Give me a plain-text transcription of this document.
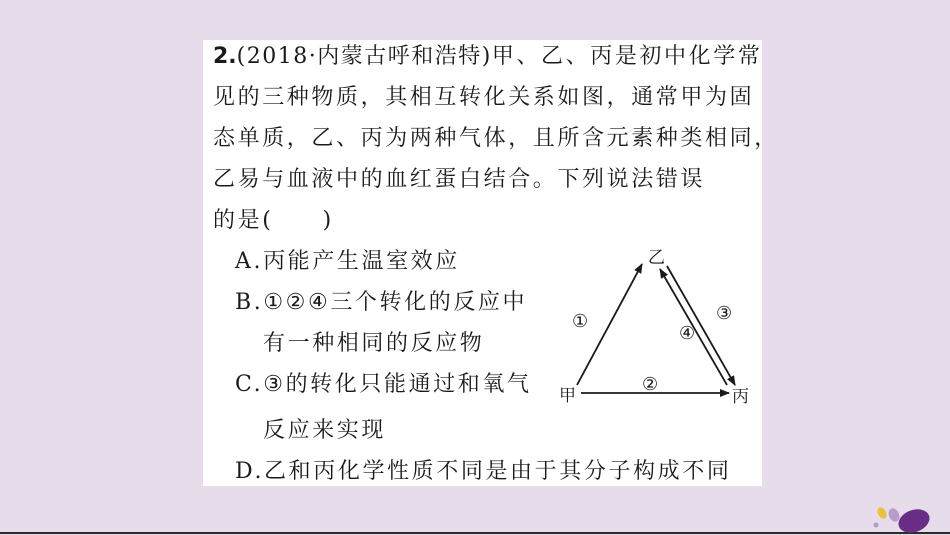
2.(2018·内蒙古呼和浩特)甲、乙、丙是初中化学常
见的三种物质，其相互转化关系如图，通常甲为固
态单质，乙、丙为两种气体，且所含元素种类相同，
乙易与血液中的血红蛋白结合。下列说法错误
的是(　　)
A.丙能产生温室效应
B.①②④三个转化的反应中
有一种相同的反应物
C.③的转化只能通过和氧气
反应来实现
D.乙和丙化学性质不同是由于其分子构成不同
甲
乙
丙
①
②
③
④
